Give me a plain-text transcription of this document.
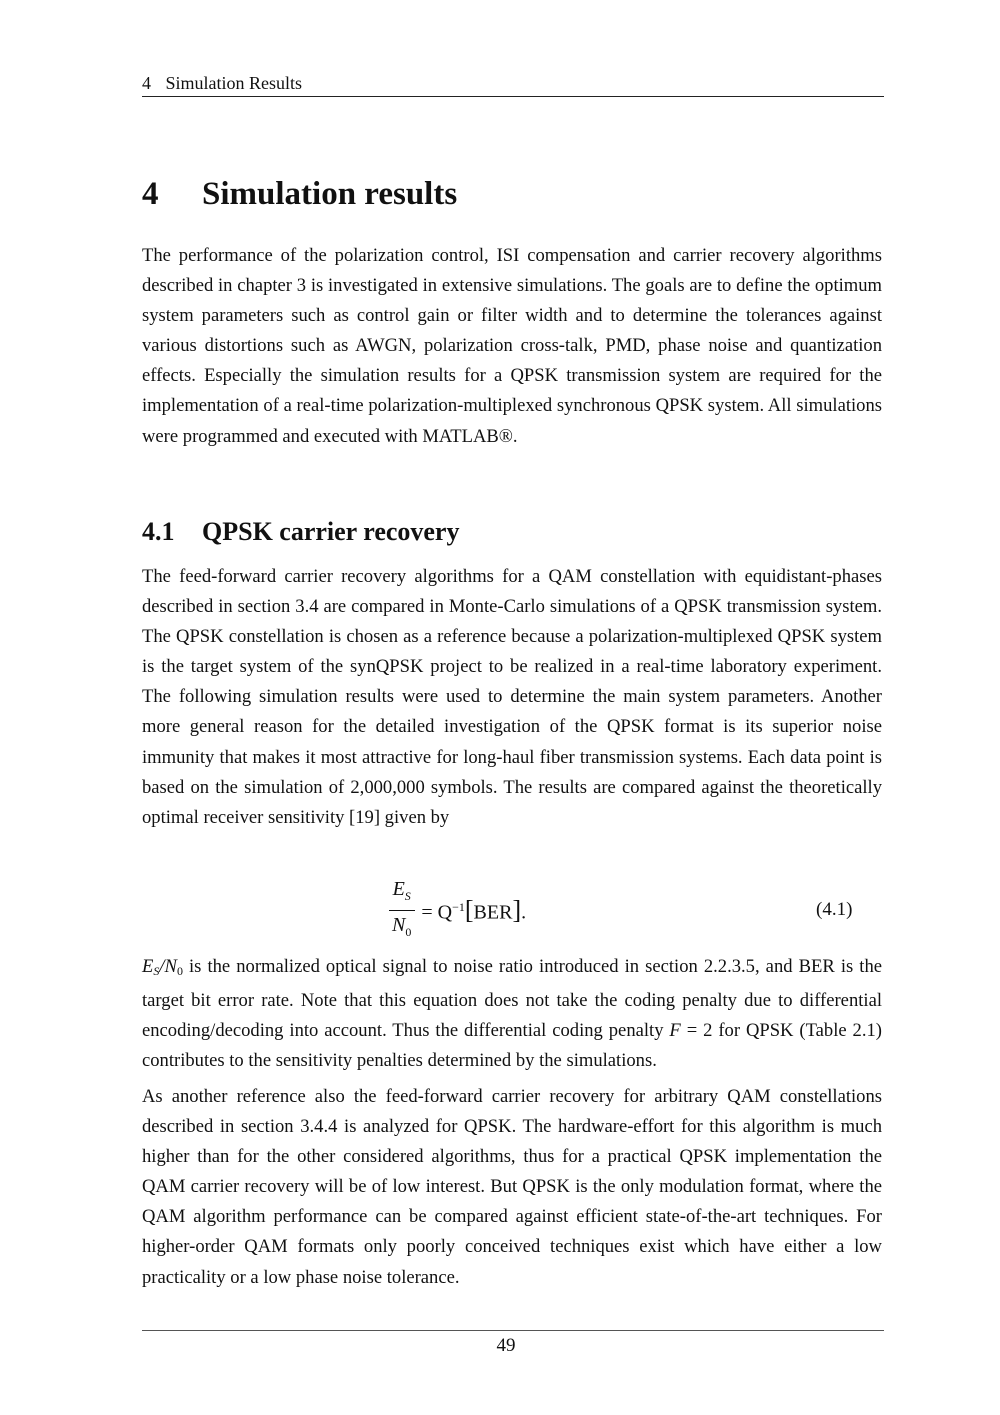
4 Simulation Results
4 Simulation results

The performance of the polarization control, ISI compensation and carrier recovery algorithms described in chapter 3 is investigated in extensive simulations. The goals are to define the optimum system parameters such as control gain or filter width and to determine the tolerances against various distortions such as AWGN, polarization cross-talk, PMD, phase noise and quantization effects. Especially the simulation results for a QPSK transmission system are required for the implementation of a real-time polarization-multiplexed synchronous QPSK system. All simulations were programmed and executed with MATLAB®.

4.1 QPSK carrier recovery

The feed-forward carrier recovery algorithms for a QAM constellation with equidistant-phases described in section 3.4 are compared in Monte-Carlo simulations of a QPSK transmission system. The QPSK constellation is chosen as a reference because a polarization-multiplexed QPSK system is the target system of the synQPSK project to be realized in a real-time laboratory experiment. The following simulation results were used to determine the main system parameters. Another more general reason for the detailed investigation of the QPSK format is its superior noise immunity that makes it most attractive for long-haul fiber transmission systems. Each data point is based on the simulation of 2,000,000 symbols. The results are compared against the theoretically optimal receiver sensitivity [19] given by

$\frac{E_S}{N_0} = Q^{-1}[BER]$.	(4.1)

$E_S/N_0$ is the normalized optical signal to noise ratio introduced in section 2.2.3.5, and BER is the target bit error rate. Note that this equation does not take the coding penalty due to differential encoding/decoding into account. Thus the differential coding penalty F = 2 for QPSK (Table 2.1) contributes to the sensitivity penalties determined by the simulations.

As another reference also the feed-forward carrier recovery for arbitrary QAM constellations described in section 3.4.4 is analyzed for QPSK. The hardware-effort for this algorithm is much higher than for the other considered algorithms, thus for a practical QPSK implementation the QAM carrier recovery will be of low interest. But QPSK is the only modulation format, where the QAM algorithm performance can be compared against efficient state-of-the-art techniques. For higher-order QAM formats only poorly conceived techniques exist which have either a low practicality or a low phase noise tolerance.

49
